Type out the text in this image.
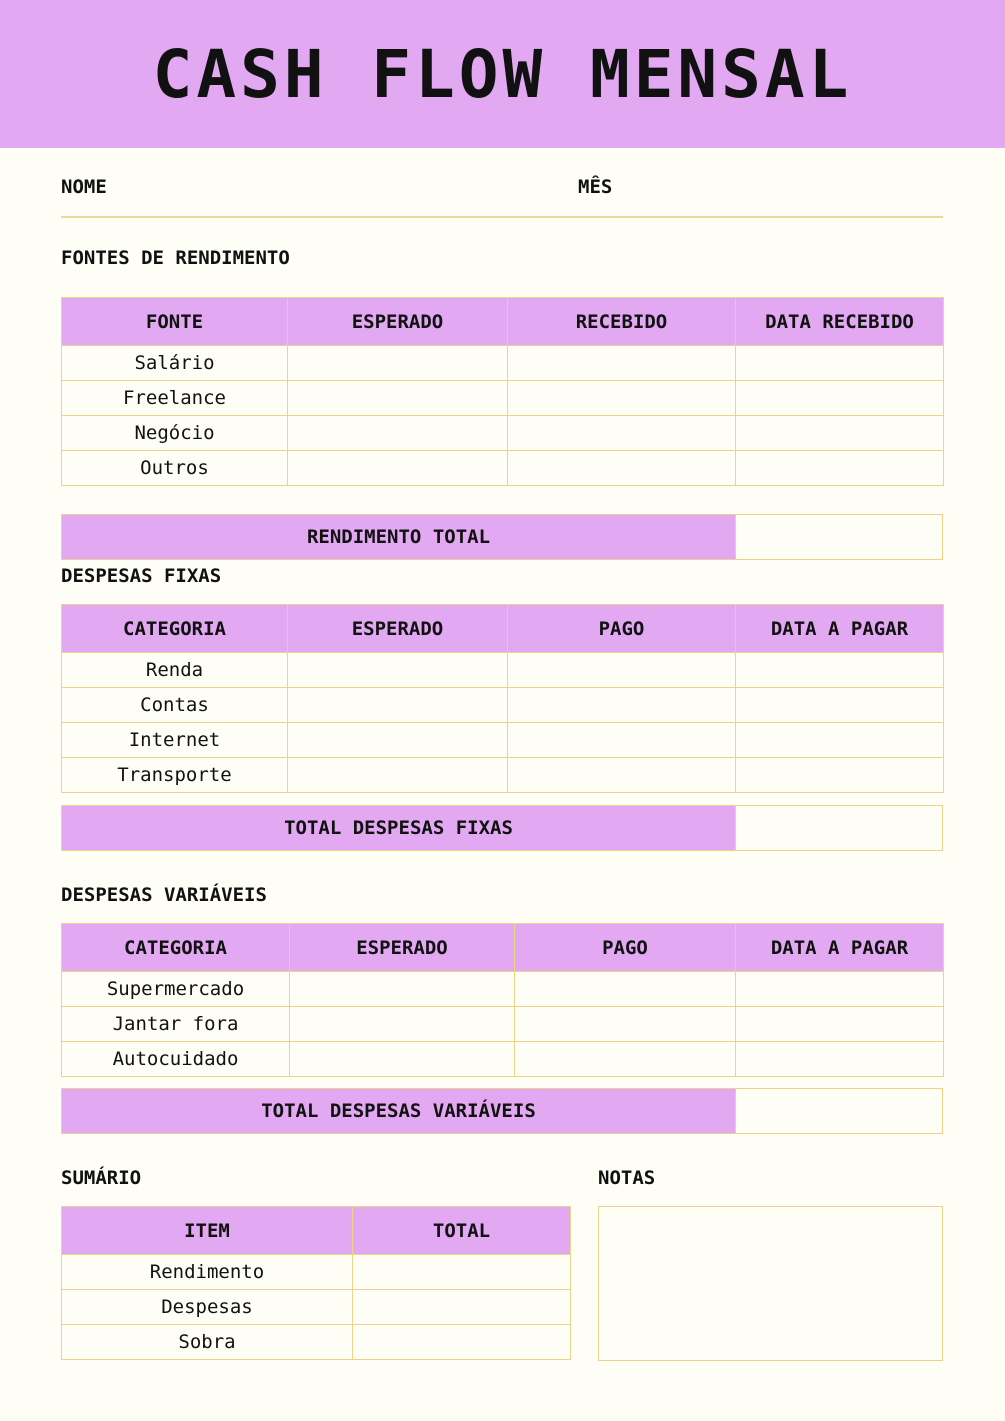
CASH FLOW MENSAL
NOME	MÊS
FONTES DE RENDIMENTO
FONTE	ESPERADO	RECEBIDO	DATA RECEBIDO
Salário			
Freelance			
Negócio			
Outros			
RENDIMENTO TOTAL
DESPESAS FIXAS
CATEGORIA	ESPERADO	PAGO	DATA A PAGAR
Renda			
Contas			
Internet			
Transporte			
TOTAL DESPESAS FIXAS
DESPESAS VARIÁVEIS
CATEGORIA	ESPERADO	PAGO	DATA A PAGAR
Supermercado			
Jantar fora			
Autocuidado			
TOTAL DESPESAS VARIÁVEIS
SUMÁRIO
ITEM	TOTAL
Rendimento	
Despesas	
Sobra	
NOTAS
